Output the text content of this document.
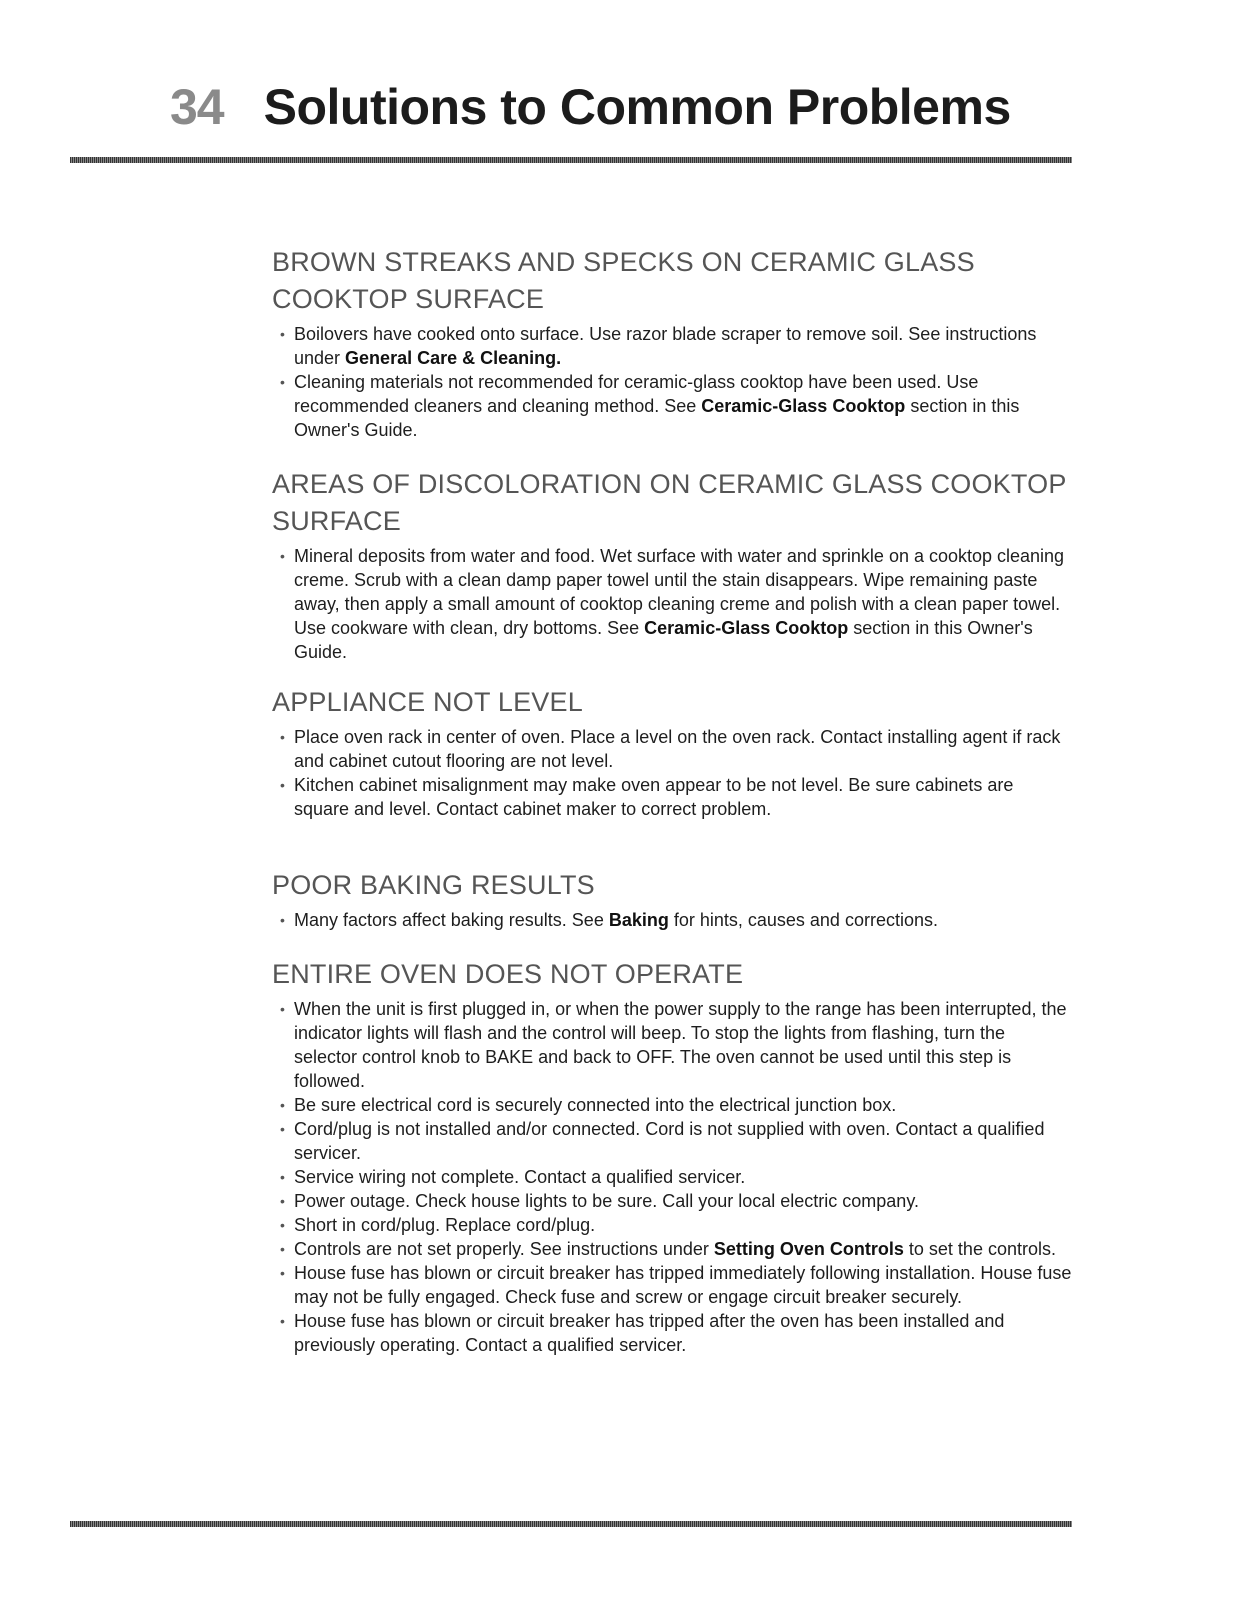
34 Solutions to Common Problems
BROWN STREAKS AND SPECKS ON CERAMIC GLASS COOKTOP SURFACE
• Boilovers have cooked onto surface. Use razor blade scraper to remove soil. See instructions under General Care & Cleaning.
• Cleaning materials not recommended for ceramic-glass cooktop have been used. Use recommended cleaners and cleaning method. See Ceramic-Glass Cooktop section in this Owner's Guide.
AREAS OF DISCOLORATION ON CERAMIC GLASS COOKTOP SURFACE
• Mineral deposits from water and food. Wet surface with water and sprinkle on a cooktop cleaning creme. Scrub with a clean damp paper towel until the stain disappears. Wipe remaining paste away, then apply a small amount of cooktop cleaning creme and polish with a clean paper towel. Use cookware with clean, dry bottoms. See Ceramic-Glass Cooktop section in this Owner's Guide.
APPLIANCE NOT LEVEL
• Place oven rack in center of oven. Place a level on the oven rack. Contact installing agent if rack and cabinet cutout flooring are not level.
• Kitchen cabinet misalignment may make oven appear to be not level. Be sure cabinets are square and level. Contact cabinet maker to correct problem.
POOR BAKING RESULTS
• Many factors affect baking results. See Baking for hints, causes and corrections.
ENTIRE OVEN DOES NOT OPERATE
• When the unit is first plugged in, or when the power supply to the range has been interrupted, the indicator lights will flash and the control will beep. To stop the lights from flashing, turn the selector control knob to BAKE and back to OFF. The oven cannot be used until this step is followed.
• Be sure electrical cord is securely connected into the electrical junction box.
• Cord/plug is not installed and/or connected. Cord is not supplied with oven. Contact a qualified servicer.
• Service wiring not complete. Contact a qualified servicer.
• Power outage. Check house lights to be sure. Call your local electric company.
• Short in cord/plug. Replace cord/plug.
• Controls are not set properly. See instructions under Setting Oven Controls to set the controls.
• House fuse has blown or circuit breaker has tripped immediately following installation. House fuse may not be fully engaged. Check fuse and screw or engage circuit breaker securely.
• House fuse has blown or circuit breaker has tripped after the oven has been installed and previously operating. Contact a qualified servicer.
